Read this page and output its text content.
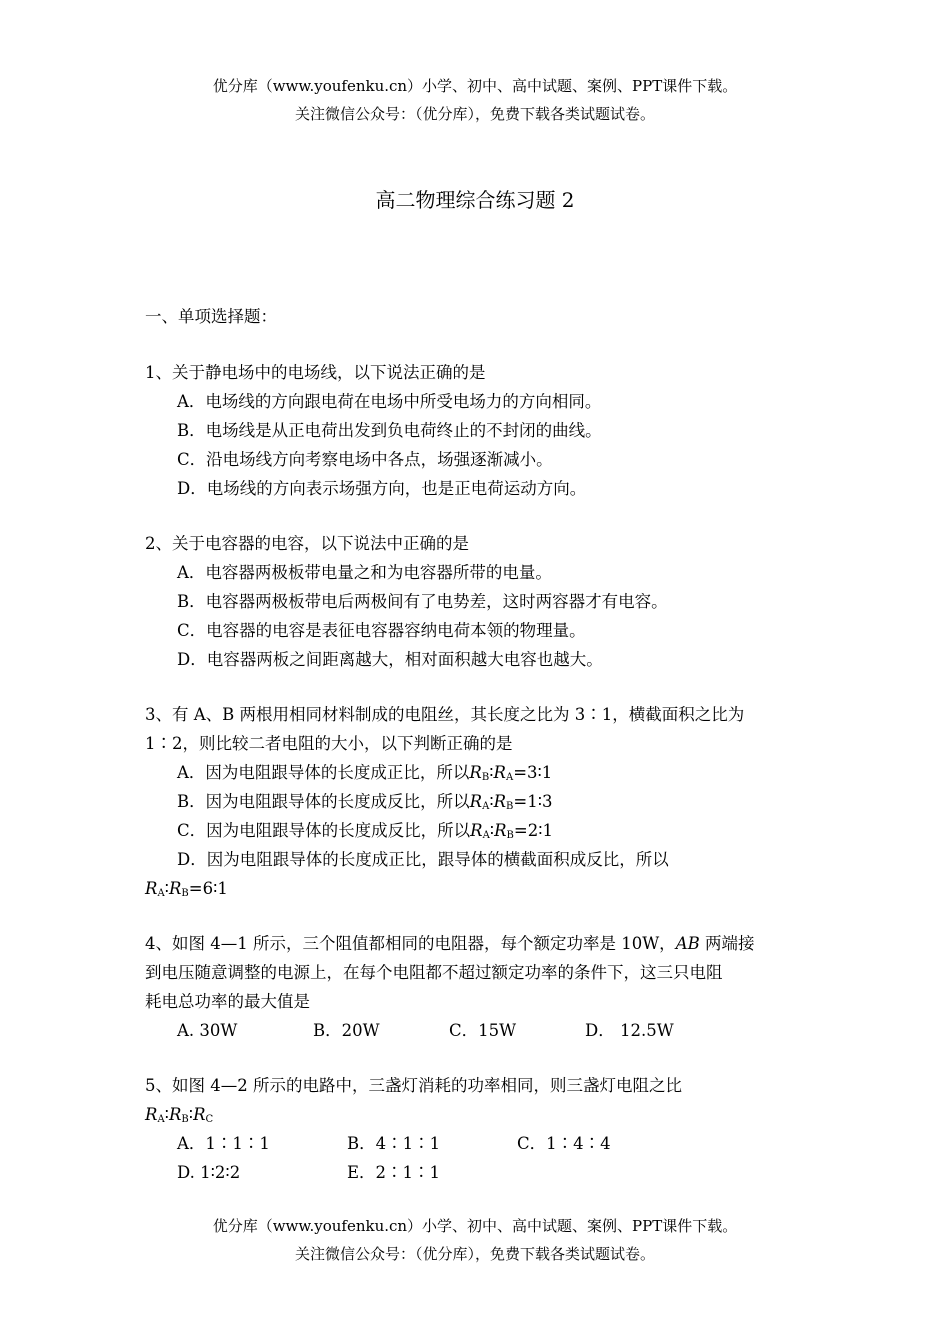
优分库（www.youfenku.cn）小学、初中、高中试题、案例、PPT课件下载。
关注微信公众号：（优分库），免费下载各类试题试卷。
高二物理综合练习题 2
一、单项选择题：
1、关于静电场中的电场线，以下说法正确的是
A．电场线的方向跟电荷在电场中所受电场力的方向相同。
B．电场线是从正电荷出发到负电荷终止的不封闭的曲线。
C．沿电场线方向考察电场中各点，场强逐渐减小。
D．电场线的方向表示场强方向，也是正电荷运动方向。
2、关于电容器的电容，以下说法中正确的是
A．电容器两极板带电量之和为电容器所带的电量。
B．电容器两极板带电后两极间有了电势差，这时两容器才有电容。
C．电容器的电容是表征电容器容纳电荷本领的物理量。
D．电容器两板之间距离越大，相对面积越大电容也越大。
3、有 A、B 两根用相同材料制成的电阻丝，其长度之比为 3∶1，横截面积之比为
1∶2，则比较二者电阻的大小，以下判断正确的是
A．因为电阻跟导体的长度成正比，所以$R_B∶R_A=3∶1$
B．因为电阻跟导体的长度成反比，所以$R_A∶R_B=1∶3$
C．因为电阻跟导体的长度成反比，所以$R_A∶R_B=2∶1$
D．因为电阻跟导体的长度成正比，跟导体的横截面积成反比，所以
$R_A∶R_B=6∶1$
4、如图 4—1 所示，三个阻值都相同的电阻器，每个额定功率是 10W，AB 两端接
到电压随意调整的电源上，在每个电阻都不超过额定功率的条件下，这三只电阻
耗电总功率的最大值是
A. 30W	B．20W	C．15W	D． 12.5W
5、如图 4—2 所示的电路中，三盏灯消耗的功率相同，则三盏灯电阻之比
$R_A∶R_B∶R_C$
A．1∶1∶1	B．4∶1∶1	C．1∶4∶4
D. 1∶2∶2	E．2∶1∶1
优分库（www.youfenku.cn）小学、初中、高中试题、案例、PPT课件下载。
关注微信公众号：（优分库），免费下载各类试题试卷。
